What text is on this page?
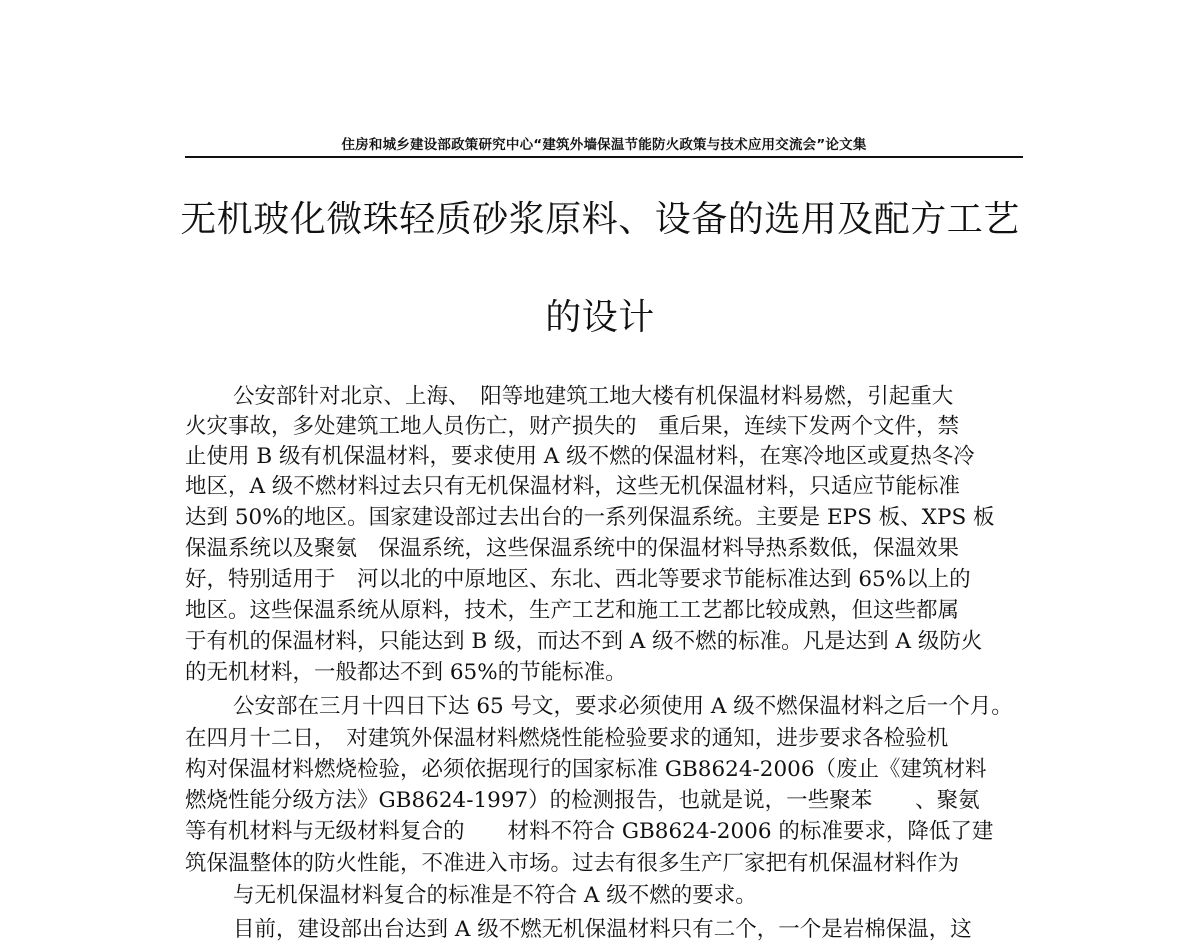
住房和城乡建设部政策研究中心“建筑外墙保温节能防火政策与技术应用交流会”论文集
无机玻化微珠轻质砂浆原料、设备的选用及配方工艺
的设计
公安部针对北京、上海、　阳等地建筑工地大楼有机保温材料易燃，引起重大
火灾事故，多处建筑工地人员伤亡，财产损失的　重后果，连续下发两个文件，禁
止使用 B 级有机保温材料，要求使用 A 级不燃的保温材料，在寒冷地区或夏热冬冷
地区，A 级不燃材料过去只有无机保温材料，这些无机保温材料，只适应节能标准
达到 50%的地区。国家建设部过去出台的一系列保温系统。主要是 EPS 板、XPS 板
保温系统以及聚氨　保温系统，这些保温系统中的保温材料导热系数低，保温效果
好，特别适用于　河以北的中原地区、东北、西北等要求节能标准达到 65%以上的
地区。这些保温系统从原料，技术，生产工艺和施工工艺都比较成熟，但这些都属
于有机的保温材料，只能达到 B 级，而达不到 A 级不燃的标准。凡是达到 A 级防火
的无机材料，一般都达不到 65%的节能标准。
公安部在三月十四日下达 65 号文，要求必须使用 A 级不燃保温材料之后一个月。
在四月十二日，　对建筑外保温材料燃烧性能检验要求的通知，进步要求各检验机
构对保温材料燃烧检验，必须依据现行的国家标准 GB8624-2006（废止《建筑材料
燃烧性能分级方法》GB8624-1997）的检测报告，也就是说，一些聚苯　　、聚氨
等有机材料与无级材料复合的　　材料不符合 GB8624-2006 的标准要求，降低了建
筑保温整体的防火性能，不准进入市场。过去有很多生产厂家把有机保温材料作为
与无机保温材料复合的标准是不符合 A 级不燃的要求。
目前，建设部出台达到 A 级不燃无机保温材料只有二个，一个是岩棉保温，这
